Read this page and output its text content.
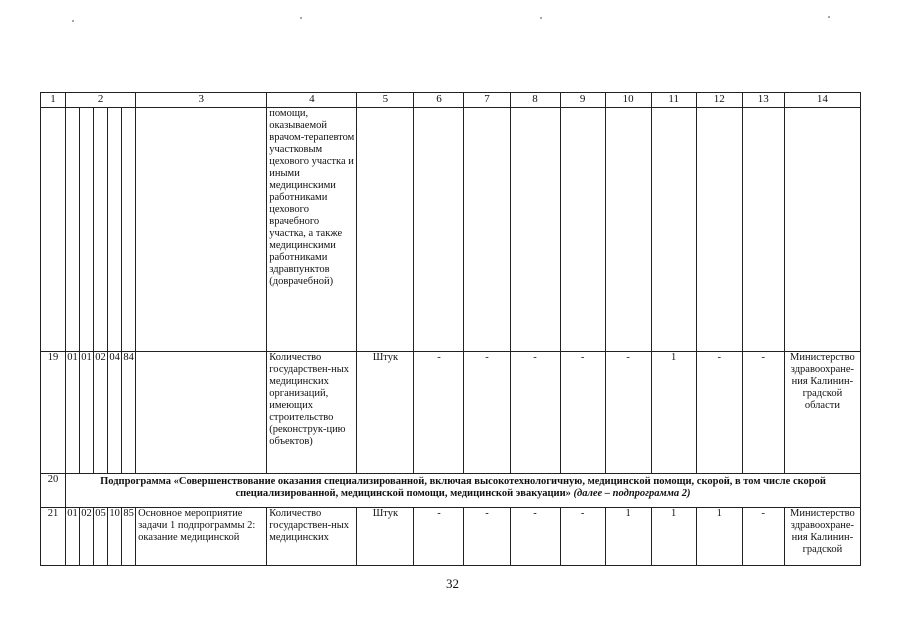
1	2					3	4	5	6	7	8	9	10	11	12	13	14
							помощи, оказываемой врачом-терапевтом участковым цехового участка и иными медицинскими работниками цехового врачебного участка, а также медицинскими работниками здравпунктов (доврачебной)										
19	01	01	02	04	84		Количество государствен-ных медицинских организаций, имеющих строительство (реконструк-цию объектов)	Штук	-	-	-	-	-	1	-	-	Министерство здравоохране-ния Калинин-градской области
20	Подпрограмма «Совершенствование оказания специализированной, включая высокотехнологичную, медицинской помощи, скорой, в том числе скорой специализированной, медицинской помощи, медицинской эвакуации» (далее – подпрограмма 2)																
21	01	02	05	10	85	Основное мероприятие задачи 1 подпрограммы 2: оказание медицинской	Количество государствен-ных медицинских	Штук	-	-	-	-	1	1	1	-	Министерство здравоохране-ния Калинин-градской
32
